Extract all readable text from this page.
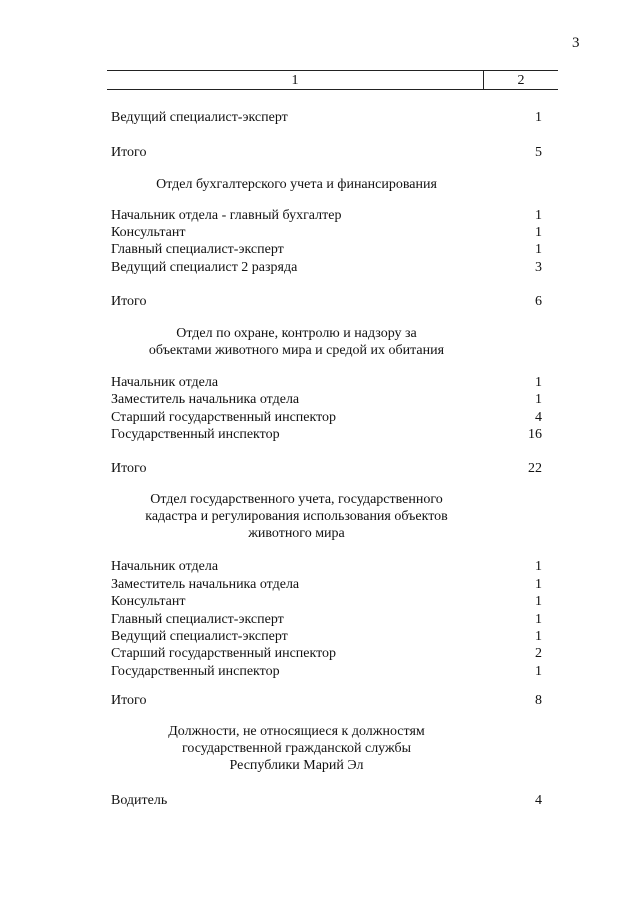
3
1	2
Ведущий специалист-эксперт	1
Итого	5
Отдел бухгалтерского учета и финансирования
Начальник отдела - главный бухгалтер	1
Консультант	1
Главный специалист-эксперт	1
Ведущий специалист 2 разряда	3
Итого	6
Отдел по охране, контролю и надзору за
объектами животного мира и средой их обитания
Начальник отдела	1
Заместитель начальника отдела	1
Старший государственный инспектор	4
Государственный инспектор	16
Итого	22
Отдел государственного учета, государственного
кадастра и регулирования использования объектов
животного мира
Начальник отдела	1
Заместитель начальника отдела	1
Консультант	1
Главный специалист-эксперт	1
Ведущий специалист-эксперт	1
Старший государственный инспектор	2
Государственный инспектор	1
Итого	8
Должности, не относящиеся к должностям
государственной гражданской службы
Республики Марий Эл
Водитель	4
